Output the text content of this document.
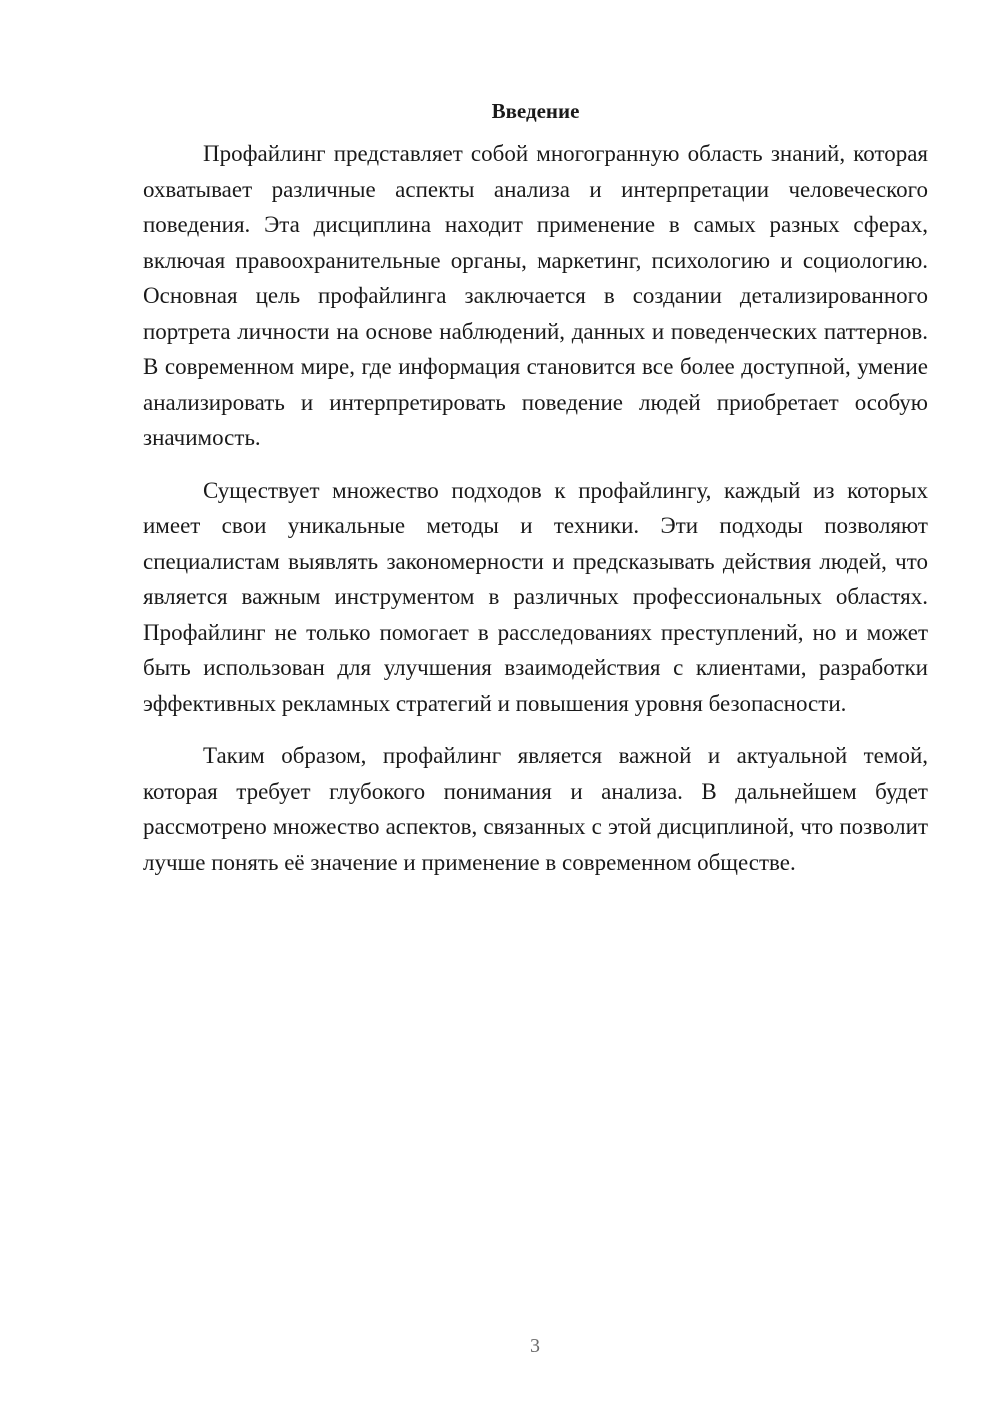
Введение

Профайлинг представляет собой многогранную область знаний, которая охватывает различные аспекты анализа и интерпретации человеческого поведения. Эта дисциплина находит применение в самых разных сферах, включая правоохранительные органы, маркетинг, психологию и социологию. Основная цель профайлинга заключается в создании детализированного портрета личности на основе наблюдений, данных и поведенческих паттернов. В современном мире, где информация становится все более доступной, умение анализировать и интерпретировать поведение людей приобретает особую значимость.

Существует множество подходов к профайлингу, каждый из которых имеет свои уникальные методы и техники. Эти подходы позволяют специалистам выявлять закономерности и предсказывать действия людей, что является важным инструментом в различных профессиональных областях. Профайлинг не только помогает в расследованиях преступлений, но и может быть использован для улучшения взаимодействия с клиентами, разработки эффективных рекламных стратегий и повышения уровня безопасности.

Таким образом, профайлинг является важной и актуальной темой, которая требует глубокого понимания и анализа. В дальнейшем будет рассмотрено множество аспектов, связанных с этой дисциплиной, что позволит лучше понять её значение и применение в современном обществе.

3
